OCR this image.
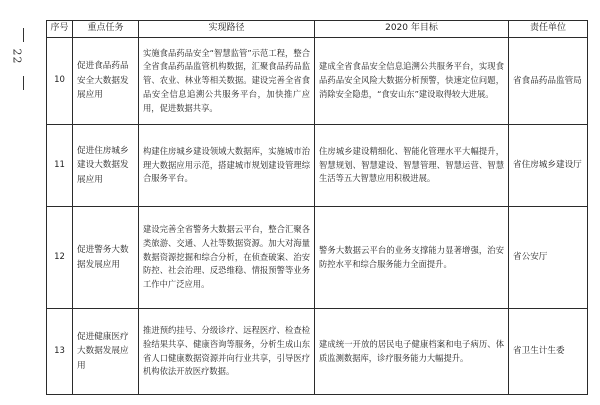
22
序号	重点任务	实现路径	2020 年目标	责任单位
10	促进食品药品安全大数据发展应用	实施食品药品安全“智慧监管”示范工程，整合全省食品药品监管机构数据，汇聚食品药品监管、农业、林业等相关数据。建设完善全省食品安全信息追溯公共服务平台，加快推广应用，促进数据共享。	建成全省食品安全信息追溯公共服务平台，实现食品药品安全风险大数据分析预警，快速定位问题，消除安全隐患，“食安山东”建设取得较大进展。	省食品药品监管局
11	促进住房城乡建设大数据发展应用	构建住房城乡建设领域大数据库，实施城市治理大数据应用示范，搭建城市规划建设管理综合服务平台。	住房城乡建设精细化、智能化管理水平大幅提升，智慧规划、智慧建设、智慧管理、智慧运营、智慧生活等五大智慧应用积极进展。	省住房城乡建设厅
12	促进警务大数据发展应用	建设完善全省警务大数据云平台，整合汇聚各类旅游、交通、人社等数据资源。加大对海量数据资源挖掘和综合分析，在侦查破案、治安防控、社会治理、反恐维稳、情报预警等业务工作中广泛应用。	警务大数据云平台的业务支撑能力显著增强，治安防控水平和综合服务能力全面提升。	省公安厅
13	促进健康医疗大数据发展应用	推进预约挂号、分级诊疗、远程医疗、检查检验结果共享、健康咨询等服务，分析生成山东省人口健康数据资源并向行业共享，引导医疗机构依法开放医疗数据。	建成统一开放的居民电子健康档案和电子病历、体质监测数据库，诊疗服务能力大幅提升。	省卫生计生委
